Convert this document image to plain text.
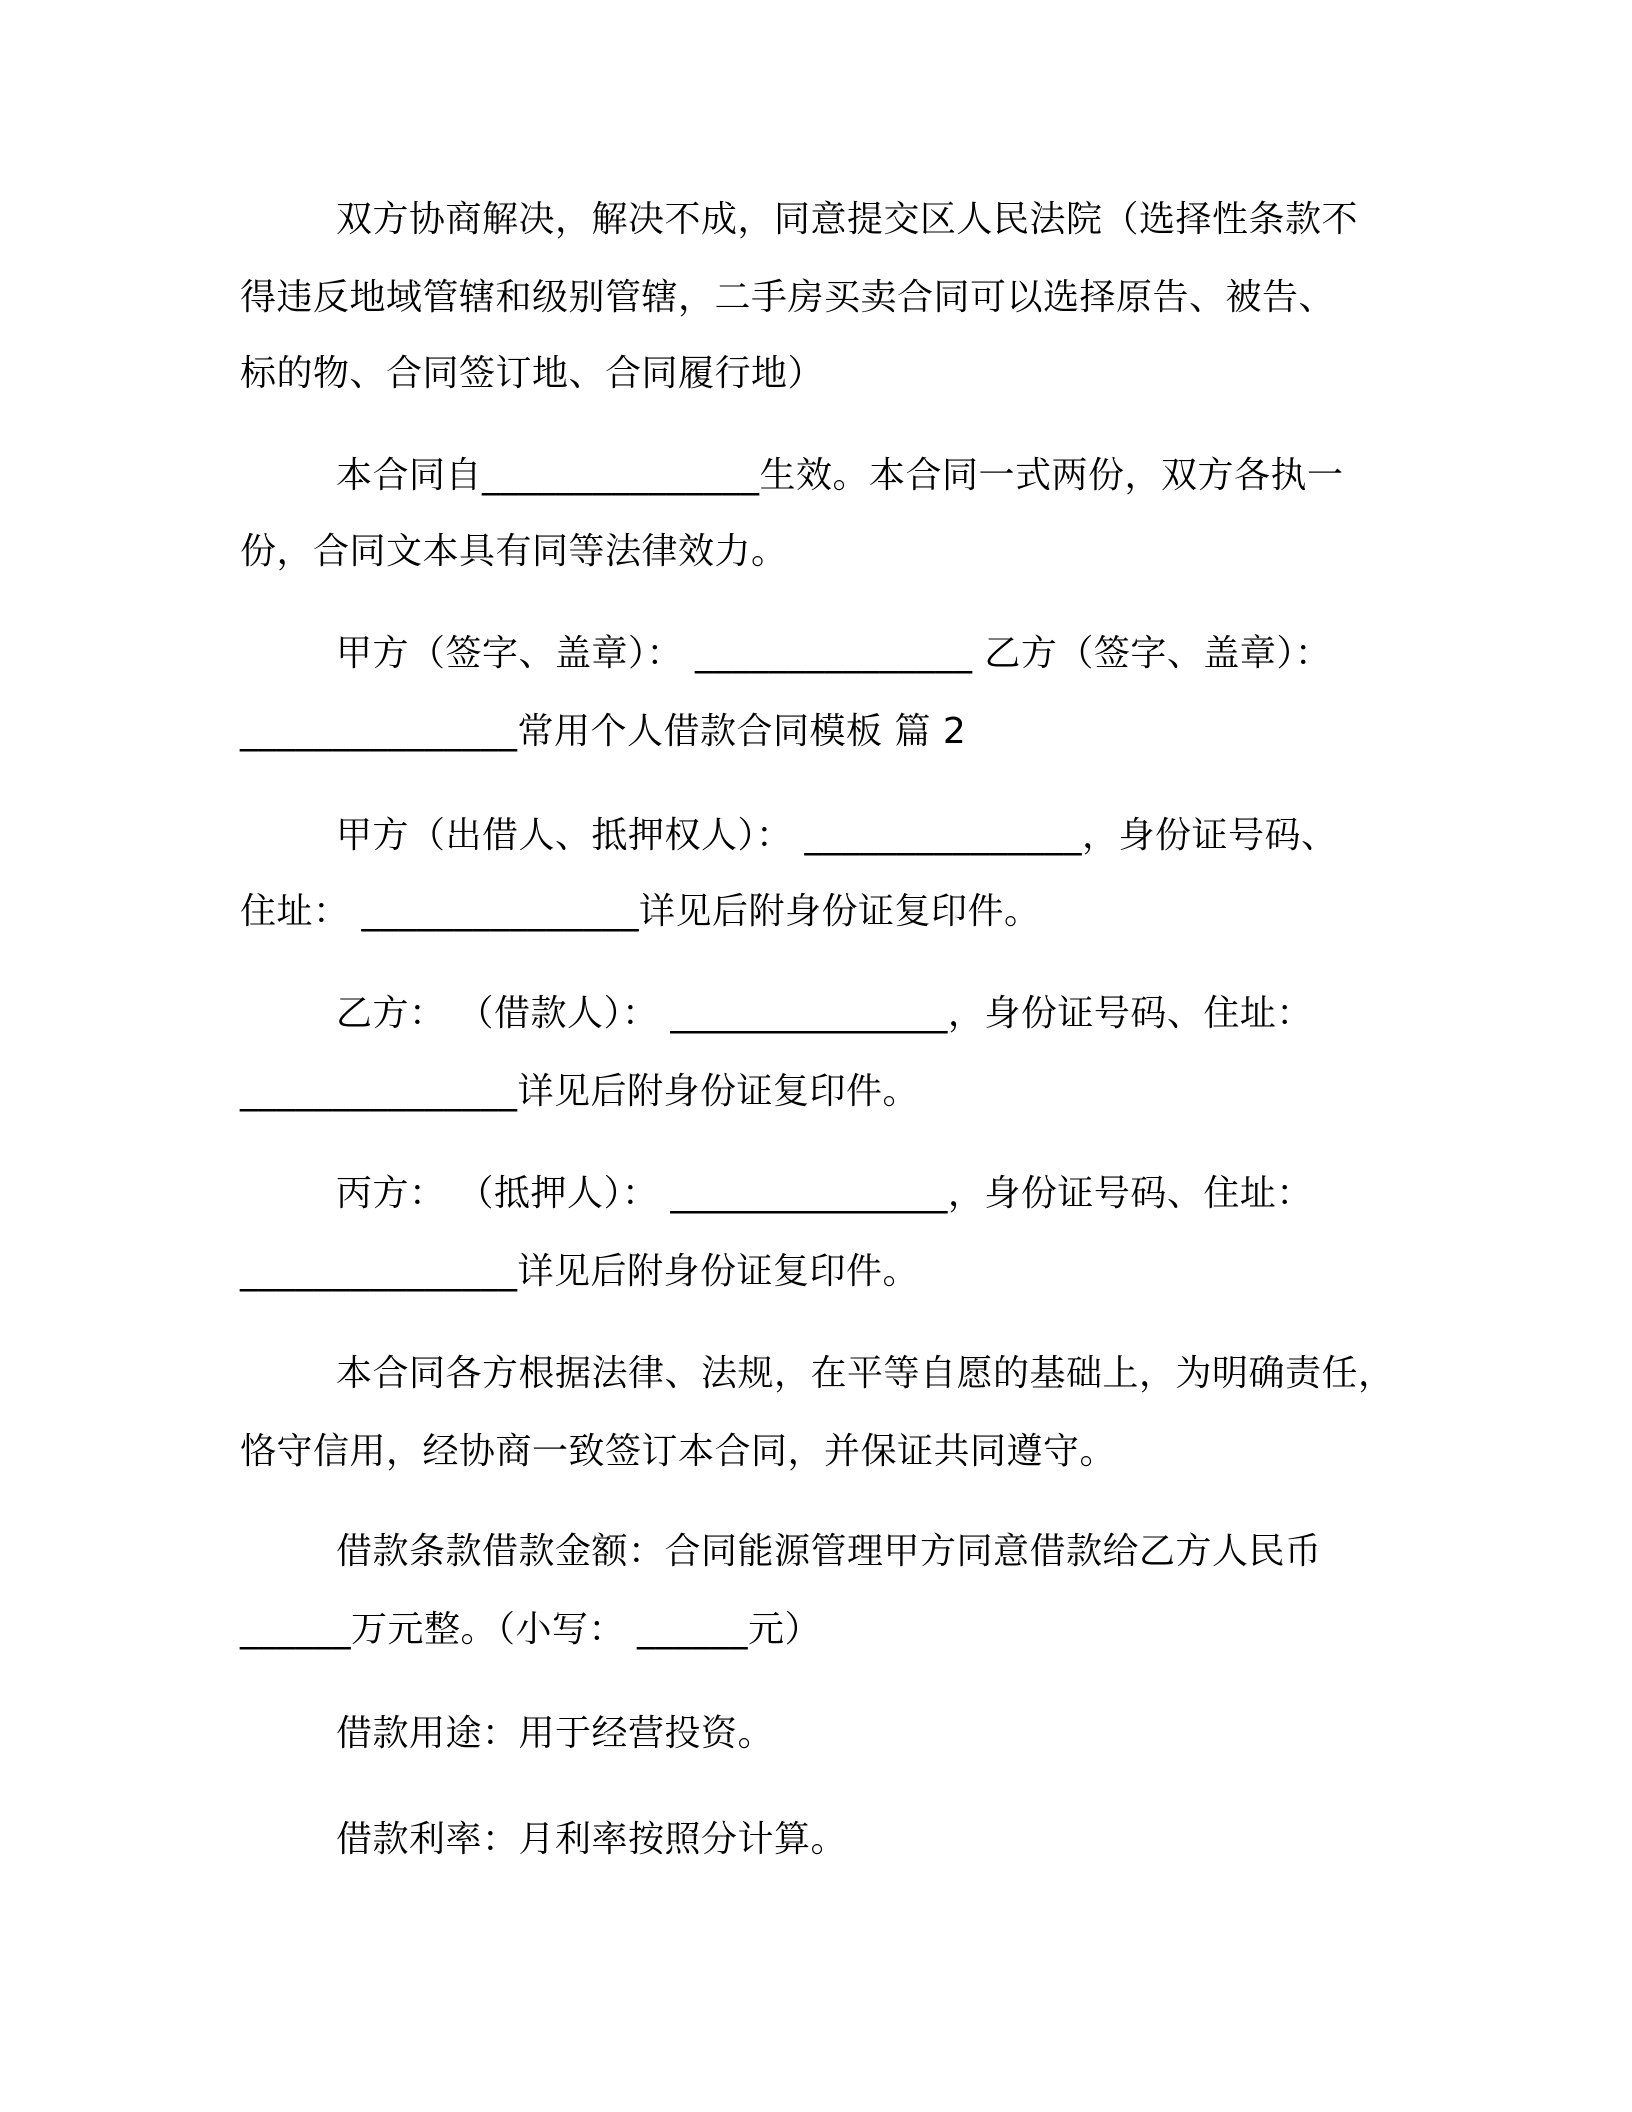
双方协商解决，解决不成，同意提交区人民法院（选择性条款不
得违反地域管辖和级别管辖，二手房买卖合同可以选择原告、被告、
标的物、合同签订地、合同履行地）
本合同自_______________生效。本合同一式两份，双方各执一
份，合同文本具有同等法律效力。
甲方（签字、盖章）： _______________ 乙方（签字、盖章）：
_______________常用个人借款合同模板 篇 2
甲方（出借人、抵押权人）： _______________，身份证号码、
住址： _______________详见后附身份证复印件。
乙方： （借款人）： _______________，身份证号码、住址：
_______________详见后附身份证复印件。
丙方： （抵押人）： _______________，身份证号码、住址：
_______________详见后附身份证复印件。
本合同各方根据法律、法规，在平等自愿的基础上，为明确责任，
恪守信用，经协商一致签订本合同，并保证共同遵守。
借款条款借款金额：合同能源管理甲方同意借款给乙方人民币
______万元整。（小写： ______元）
借款用途：用于经营投资。
借款利率：月利率按照分计算。
